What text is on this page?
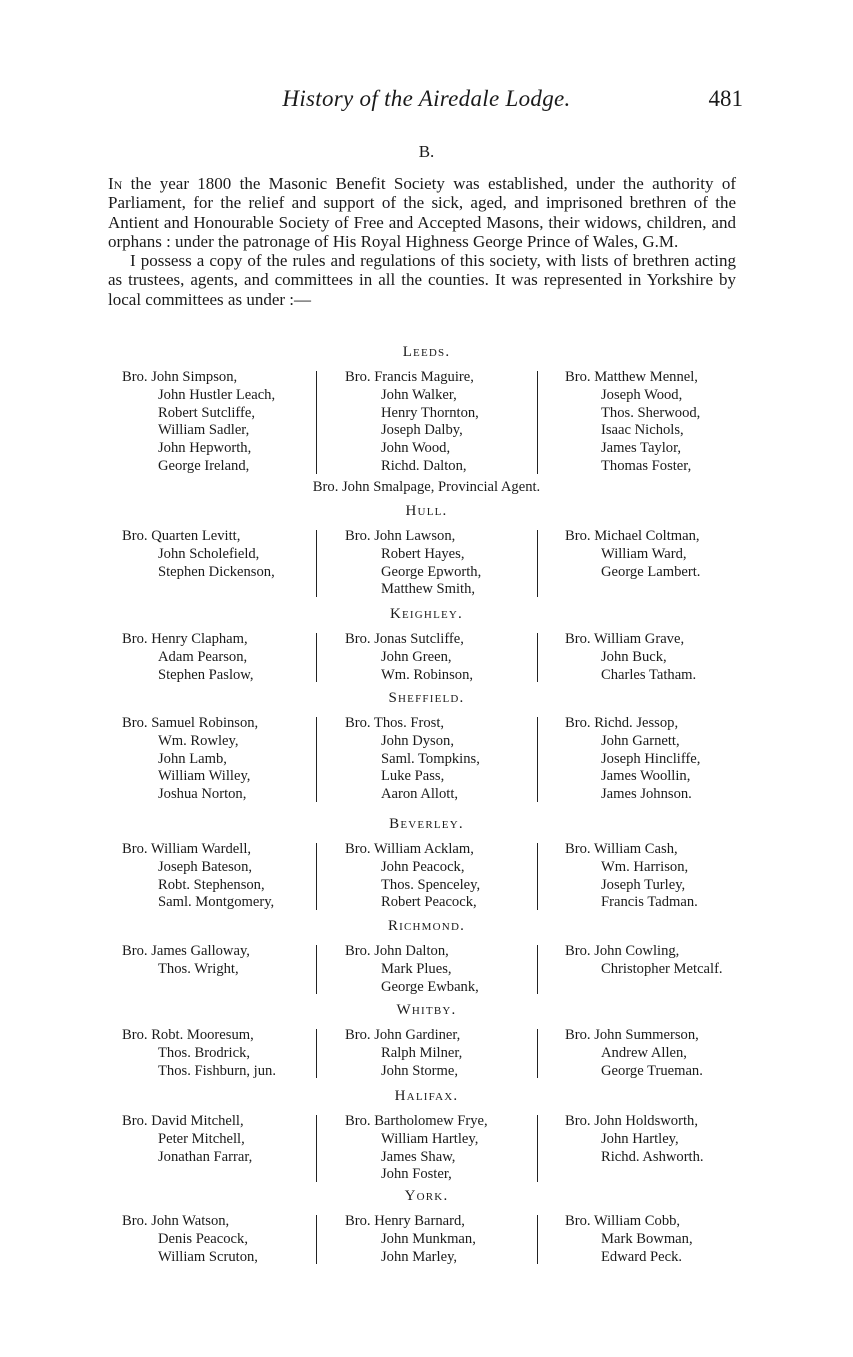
History of the Airedale Lodge.	481
B.

In the year 1800 the Masonic Benefit Society was established, under the authority of Parliament, for the relief and support of the sick, aged, and imprisoned brethren of the Antient and Honourable Society of Free and Accepted Masons, their widows, children, and orphans : under the patronage of His Royal Highness George Prince of Wales, G.M.

I possess a copy of the rules and regulations of this society, with lists of brethren acting as trustees, agents, and committees in all the counties. It was represented in Yorkshire by local committees as under :—

Leeds.
Bro. John Simpson,
John Hustler Leach,
Robert Sutcliffe,
William Sadler,
John Hepworth,
George Ireland,
Bro. Francis Maguire,
John Walker,
Henry Thornton,
Joseph Dalby,
John Wood,
Richd. Dalton,
Bro. Matthew Mennel,
Joseph Wood,
Thos. Sherwood,
Isaac Nichols,
James Taylor,
Thomas Foster,
Bro. John Smalpage, Provincial Agent.
Hull.
Bro. Quarten Levitt,
John Scholefield,
Stephen Dickenson,
Bro. John Lawson,
Robert Hayes,
George Epworth,
Matthew Smith,
Bro. Michael Coltman,
William Ward,
George Lambert.
Keighley.
Bro. Henry Clapham,
Adam Pearson,
Stephen Paslow,
Bro. Jonas Sutcliffe,
John Green,
Wm. Robinson,
Bro. William Grave,
John Buck,
Charles Tatham.
Sheffield.
Bro. Samuel Robinson,
Wm. Rowley,
John Lamb,
William Willey,
Joshua Norton,
Bro. Thos. Frost,
John Dyson,
Saml. Tompkins,
Luke Pass,
Aaron Allott,
Bro. Richd. Jessop,
John Garnett,
Joseph Hincliffe,
James Woollin,
James Johnson.
Beverley.
Bro. William Wardell,
Joseph Bateson,
Robt. Stephenson,
Saml. Montgomery,
Bro. William Acklam,
John Peacock,
Thos. Spenceley,
Robert Peacock,
Bro. William Cash,
Wm. Harrison,
Joseph Turley,
Francis Tadman.
Richmond.
Bro. James Galloway,
Thos. Wright,
Bro. John Dalton,
Mark Plues,
George Ewbank,
Bro. John Cowling,
Christopher Metcalf.
Whitby.
Bro. Robt. Mooresum,
Thos. Brodrick,
Thos. Fishburn, jun.
Bro. John Gardiner,
Ralph Milner,
John Storme,
Bro. John Summerson,
Andrew Allen,
George Trueman.
Halifax.
Bro. David Mitchell,
Peter Mitchell,
Jonathan Farrar,
Bro. Bartholomew Frye,
William Hartley,
James Shaw,
John Foster,
Bro. John Holdsworth,
John Hartley,
Richd. Ashworth.
York.
Bro. John Watson,
Denis Peacock,
William Scruton,
Bro. Henry Barnard,
John Munkman,
John Marley,
Bro. William Cobb,
Mark Bowman,
Edward Peck.
